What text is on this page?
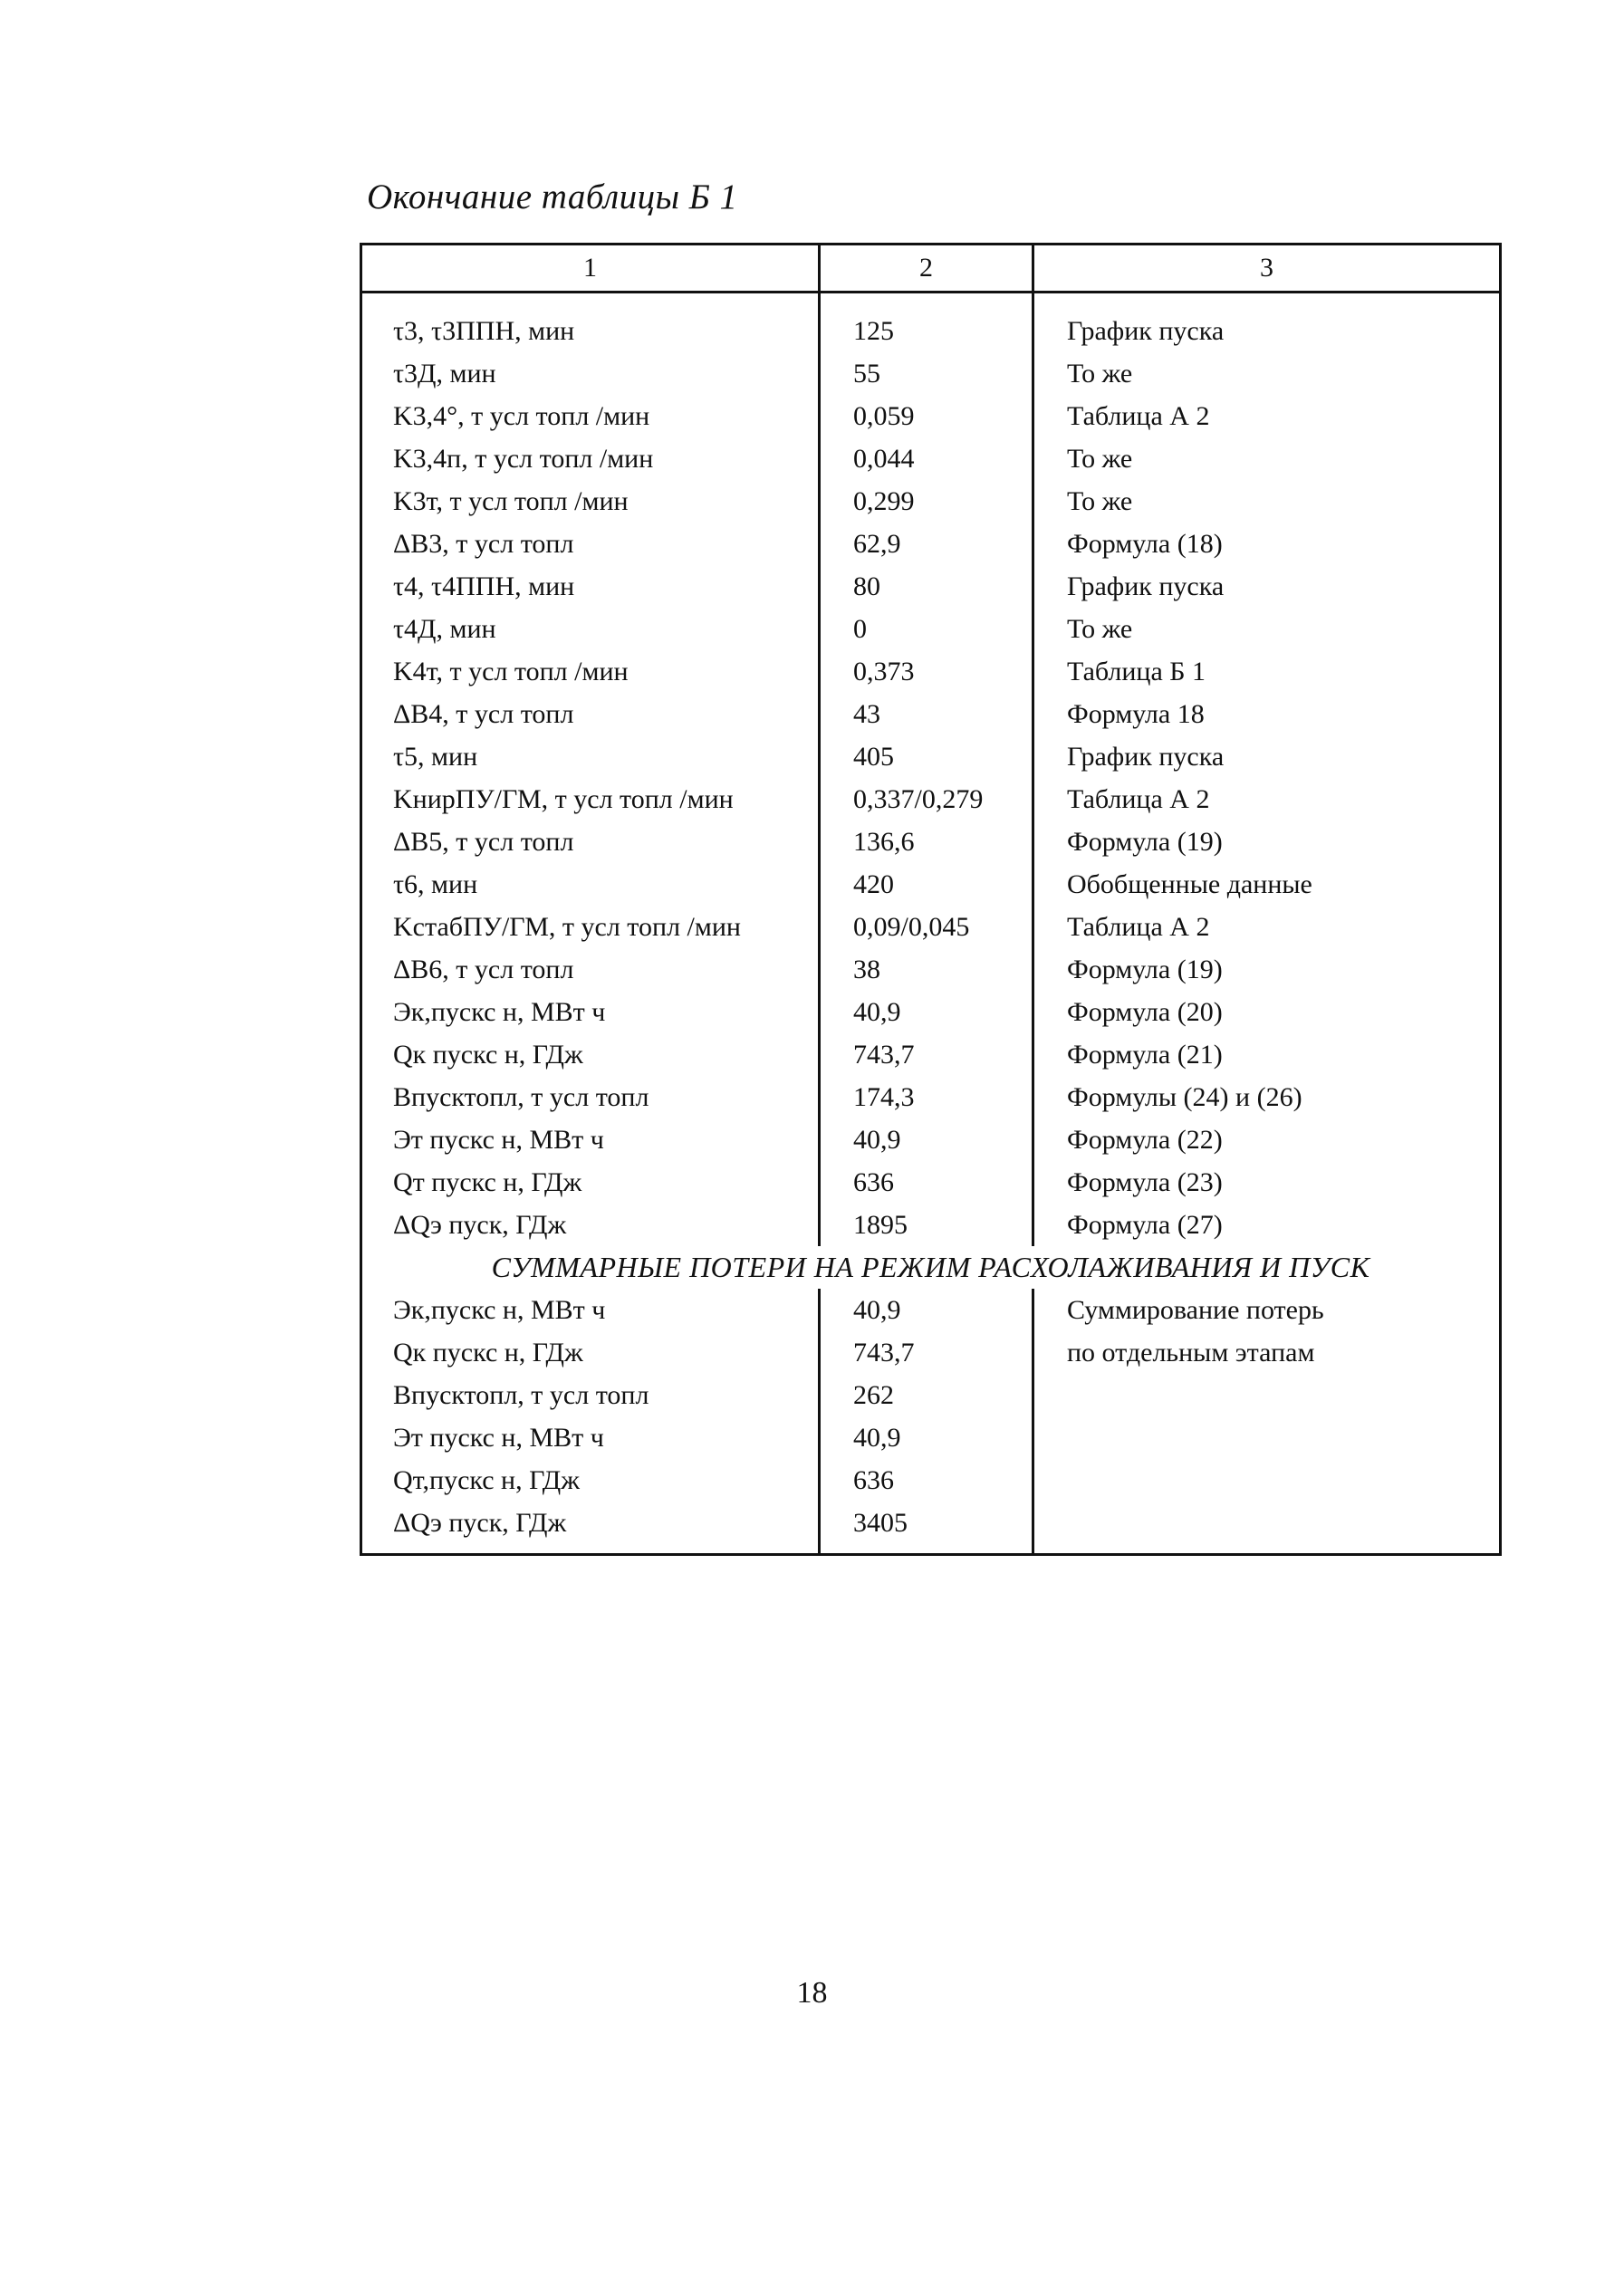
Окончание таблицы Б 1
1	2	3
τ3, τ3ППН, мин	125	График пуска
τ3Д, мин	55	То же
K3,4°, т усл топл /мин	0,059	Таблица А 2
K3,4п, т усл топл /мин	0,044	То же
K3т, т усл топл /мин	0,299	То же
ΔB3, т усл топл	62,9	Формула (18)
τ4, τ4ППН, мин	80	График пуска
τ4Д, мин	0	То же
K4т, т усл топл /мин	0,373	Таблица Б 1
ΔB4, т усл топл	43	Формула 18
τ5, мин	405	График пуска
KнирПУ/ГМ, т усл топл /мин	0,337/0,279	Таблица А 2
ΔB5, т усл топл	136,6	Формула (19)
τ6, мин	420	Обобщенные данные
KстабПУ/ГМ, т усл топл /мин	0,09/0,045	Таблица А 2
ΔB6, т усл топл	38	Формула (19)
Эк,пускс н, МВт ч	40,9	Формула (20)
Qк пускс н, ГДж	743,7	Формула (21)
Bпусктопл, т усл топл	174,3	Формулы (24) и (26)
Эт пускс н, МВт ч	40,9	Формула (22)
Qт пускс н, ГДж	636	Формула (23)
ΔQэ пуск, ГДж	1895	Формула (27)
СУММАРНЫЕ ПОТЕРИ НА РЕЖИМ РАСХОЛАЖИВАНИЯ И ПУСК		
Эк,пускс н, МВт ч	40,9	Суммирование потерь
Qк пускс н, ГДж	743,7	по отдельным этапам
Bпусктопл, т усл топл	262	
Эт пускс н, МВт ч	40,9	
Qт,пускс н, ГДж	636	
ΔQэ пуск, ГДж	3405	
18
